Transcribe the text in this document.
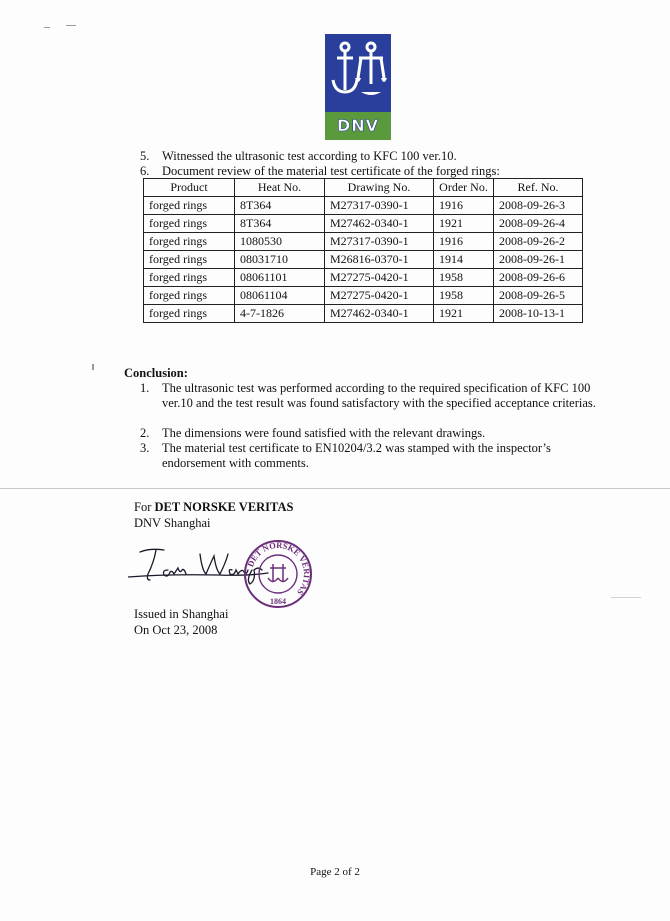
DNV
5.	Witnessed the ultrasonic test according to KFC 100 ver.10.
6.	Document review of the material test certificate of the forged rings:
Product	Heat No.	Drawing No.	Order No.	Ref. No.
forged rings	8T364	M27317-0390-1	1916	2008-09-26-3
forged rings	8T364	M27462-0340-1	1921	2008-09-26-4
forged rings	1080530	M27317-0390-1	1916	2008-09-26-2
forged rings	08031710	M26816-0370-1	1914	2008-09-26-1
forged rings	08061101	M27275-0420-1	1958	2008-09-26-6
forged rings	08061104	M27275-0420-1	1958	2008-09-26-5
forged rings	4-7-1826	M27462-0340-1	1921	2008-10-13-1
Conclusion:
1.	The ultrasonic test was performed according to the required specification of KFC 100 ver.10 and the test result was found satisfactory with the specified acceptance criterias.
2.	The dimensions were found satisfied with the relevant drawings.
3.	The material test certificate to EN10204/3.2 was stamped with the inspector’s endorsement with comments.
For DET NORSKE VERITAS
DNV Shanghai
DET NORSKE VERITAS
1864
Issued in Shanghai
On Oct 23, 2008
Page 2 of 2
